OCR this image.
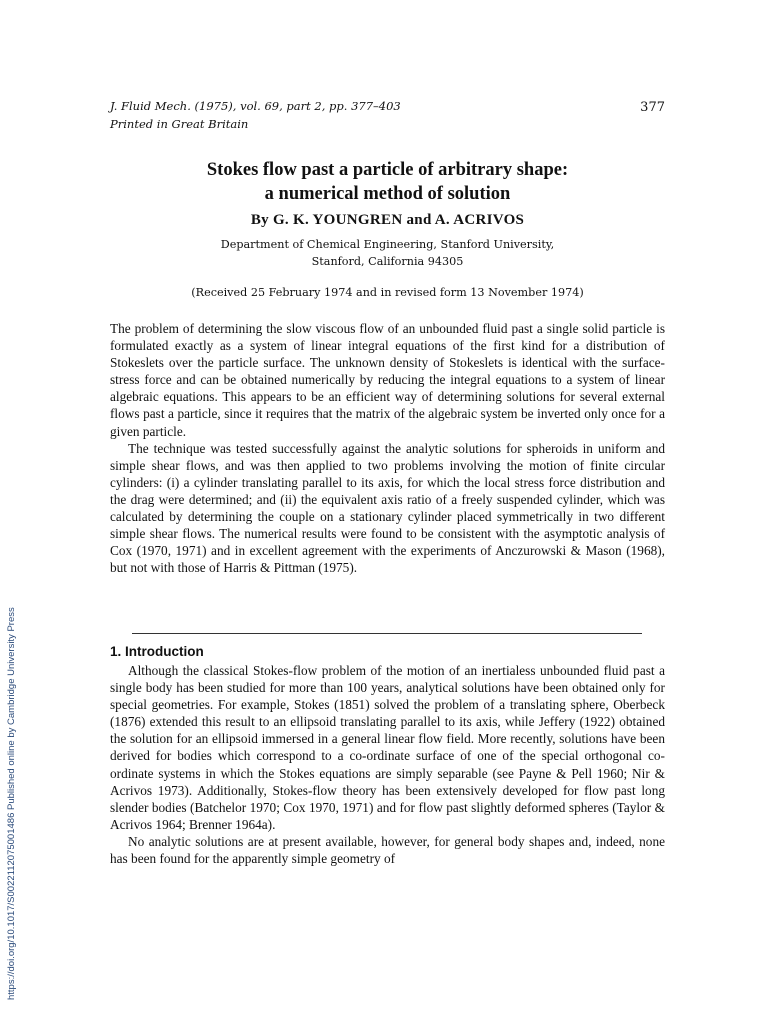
https://doi.org/10.1017/S0022112075001486 Published online by Cambridge University Press
J. Fluid Mech. (1975), vol. 69, part 2, pp. 377–403
Printed in Great Britain
377
Stokes flow past a particle of arbitrary shape:
a numerical method of solution
By G. K. YOUNGREN and A. ACRIVOS
Department of Chemical Engineering, Stanford University,
Stanford, California 94305
(Received 25 February 1974 and in revised form 13 November 1974)

The problem of determining the slow viscous flow of an unbounded fluid past a single solid particle is formulated exactly as a system of linear integral equations of the first kind for a distribution of Stokeslets over the particle surface. The unknown density of Stokeslets is identical with the surface-stress force and can be obtained numerically by reducing the integral equations to a system of linear algebraic equations. This appears to be an efficient way of determining solutions for several external flows past a particle, since it requires that the matrix of the algebraic system be inverted only once for a given particle.

The technique was tested successfully against the analytic solutions for spheroids in uniform and simple shear flows, and was then applied to two problems involving the motion of finite circular cylinders: (i) a cylinder translating parallel to its axis, for which the local stress force distribution and the drag were determined; and (ii) the equivalent axis ratio of a freely suspended cylinder, which was calculated by determining the couple on a stationary cylinder placed symmetrically in two different simple shear flows. The numerical results were found to be consistent with the asymptotic analysis of Cox (1970, 1971) and in excellent agreement with the experiments of Anczurowski & Mason (1968), but not with those of Harris & Pittman (1975).

1. Introduction

Although the classical Stokes-flow problem of the motion of an inertialess unbounded fluid past a single body has been studied for more than 100 years, analytical solutions have been obtained only for special geometries. For example, Stokes (1851) solved the problem of a translating sphere, Oberbeck (1876) extended this result to an ellipsoid translating parallel to its axis, while Jeffery (1922) obtained the solution for an ellipsoid immersed in a general linear flow field. More recently, solutions have been derived for bodies which correspond to a co-ordinate surface of one of the special orthogonal co-ordinate systems in which the Stokes equations are simply separable (see Payne & Pell 1960; Nir & Acrivos 1973). Additionally, Stokes-flow theory has been extensively developed for flow past long slender bodies (Batchelor 1970; Cox 1970, 1971) and for flow past slightly deformed spheres (Taylor & Acrivos 1964; Brenner 1964a).

No analytic solutions are at present available, however, for general body shapes and, indeed, none has been found for the apparently simple geometry of
